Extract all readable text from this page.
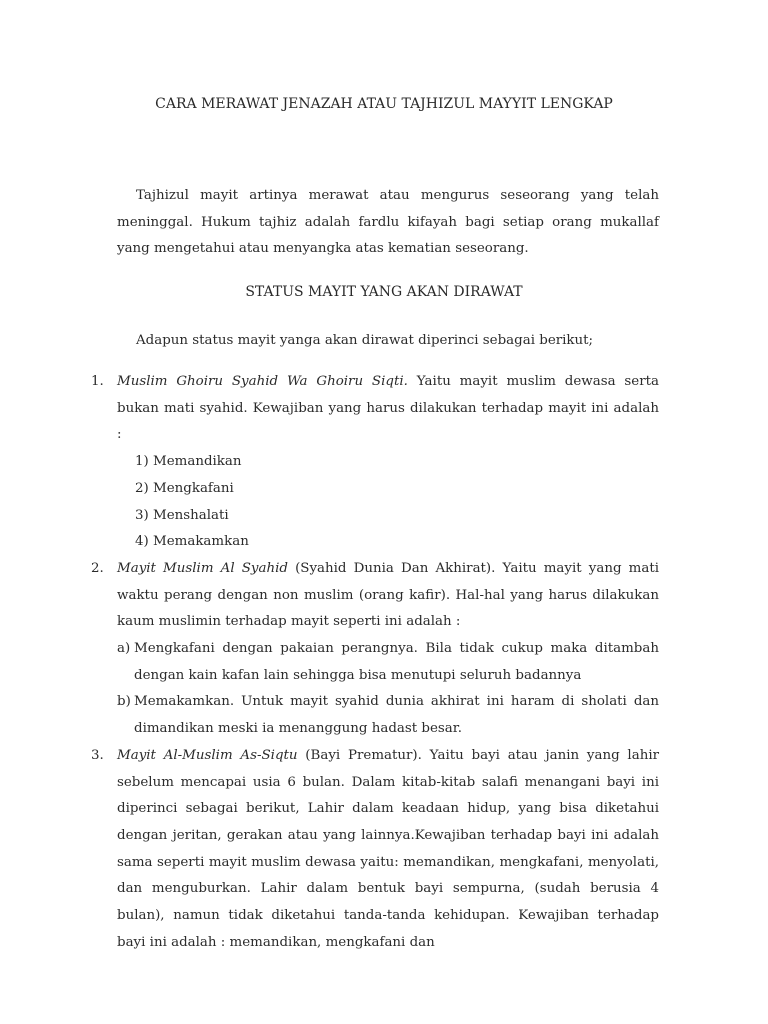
CARA MERAWAT JENAZAH ATAU TAJHIZUL MAYYIT LENGKAP
Tajhizul mayit artinya merawat atau mengurus seseorang yang telah meninggal. Hukum tajhiz adalah fardlu kifayah bagi setiap orang mukallaf yang mengetahui atau menyangka atas kematian seseorang.
STATUS MAYIT YANG AKAN DIRAWAT
Adapun status mayit yanga akan dirawat diperinci sebagai berikut;
1. Muslim Ghoiru Syahid Wa Ghoiru Siqti. Yaitu mayit muslim dewasa serta bukan mati syahid. Kewajiban yang harus dilakukan terhadap mayit ini adalah :
1) Memandikan
2) Mengkafani
3) Menshalati
4) Memakamkan
2. Mayit Muslim Al Syahid (Syahid Dunia Dan Akhirat). Yaitu mayit yang mati waktu perang dengan non muslim (orang kafir). Hal-hal yang harus dilakukan kaum muslimin terhadap mayit seperti ini adalah :
a) Mengkafani dengan pakaian perangnya. Bila tidak cukup maka ditambah dengan kain kafan lain sehingga bisa menutupi seluruh badannya
b) Memakamkan. Untuk mayit syahid dunia akhirat ini haram di sholati dan dimandikan meski ia menanggung hadast besar.
3. Mayit Al-Muslim As-Siqtu (Bayi Prematur). Yaitu bayi atau janin yang lahir sebelum mencapai usia 6 bulan. Dalam kitab-kitab salafi menangani bayi ini diperinci sebagai berikut, Lahir dalam keadaan hidup, yang bisa diketahui dengan jeritan, gerakan atau yang lainnya.Kewajiban terhadap bayi ini adalah sama seperti mayit muslim dewasa yaitu: memandikan, mengkafani, menyolati, dan menguburkan. Lahir dalam bentuk bayi sempurna, (sudah berusia 4 bulan), namun tidak diketahui tanda-tanda kehidupan. Kewajiban terhadap bayi ini adalah : memandikan, mengkafani dan
